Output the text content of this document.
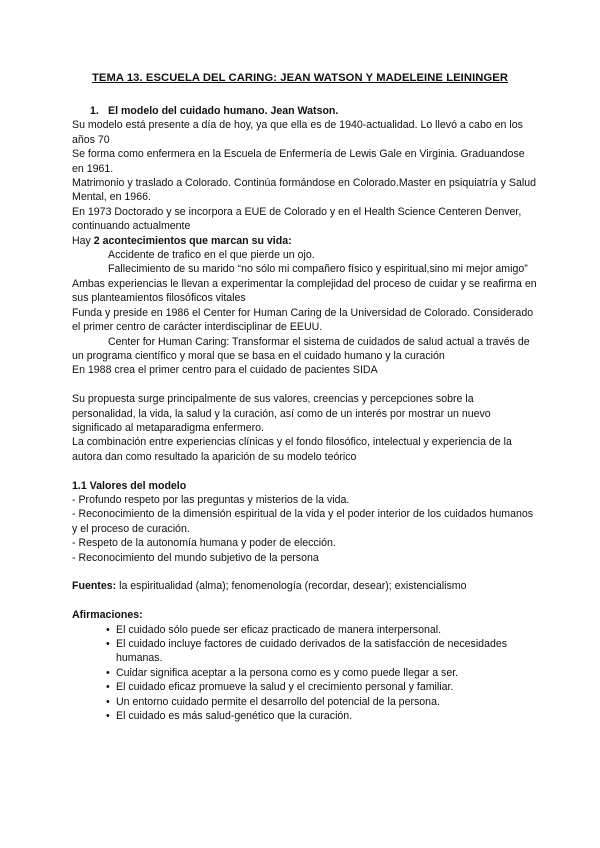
TEMA 13. ESCUELA DEL CARING: JEAN WATSON Y MADELEINE LEININGER

1. El modelo del cuidado humano. Jean Watson.

Su modelo está presente a día de hoy, ya que ella es de 1940-actualidad. Lo llevó a cabo en los años 70

Se forma como enfermera en la Escuela de Enfermería de Lewis Gale en Virginia. Graduandose en 1961.

Matrimonio y traslado a Colorado. Continúa formándose en Colorado.Master en psiquiatría y Salud Mental, en 1966.

En 1973 Doctorado y se incorpora a EUE de Colorado y en el Health Science Centeren Denver, continuando actualmente

Hay 2 acontecimientos que marcan su vida:

Accidente de trafico en el que pierde un ojo.

Fallecimiento de su marido “no sólo mi compañero físico y espiritual,sino mi mejor amigo”

Ambas experiencias le llevan a experimentar la complejidad del proceso de cuidar y se reafirma en sus planteamientos filosóficos vitales

Funda y preside en 1986 el Center for Human Caring de la Universidad de Colorado. Considerado el primer centro de carácter interdisciplinar de EEUU.

Center for Human Caring: Transformar el sistema de cuidados de salud actual a través de un programa científico y moral que se basa en el cuidado humano y la curación

En 1988 crea el primer centro para el cuidado de pacientes SIDA

Su propuesta surge principalmente de sus valores, creencias y percepciones sobre la personalidad, la vida, la salud y la curación, así como de un interés por mostrar un nuevo significado al metaparadigma enfermero.

La combinación entre experiencias clínicas y el fondo filosófico, intelectual y experiencia de la autora dan como resultado la aparición de su modelo teórico

1.1 Valores del modelo

- Profundo respeto por las preguntas y misterios de la vida.

- Reconocimiento de la dimensión espiritual de la vida y el poder interior de los cuidados humanos y el proceso de curación.

- Respeto de la autonomía humana y poder de elección.

- Reconocimiento del mundo subjetivo de la persona

Fuentes: la espiritualidad (alma); fenomenología (recordar, desear); existencialismo

Afirmaciones:

• El cuidado sólo puede ser eficaz practicado de manera interpersonal.
• El cuidado incluye factores de cuidado derivados de la satisfacción de necesidades humanas.
• Cuidar significa aceptar a la persona como es y como puede llegar a ser.
• El cuidado eficaz promueve la salud y el crecimiento personal y familiar.
• Un entorno cuidado permite el desarrollo del potencial de la persona.
• El cuidado es más salud-genético que la curación.
